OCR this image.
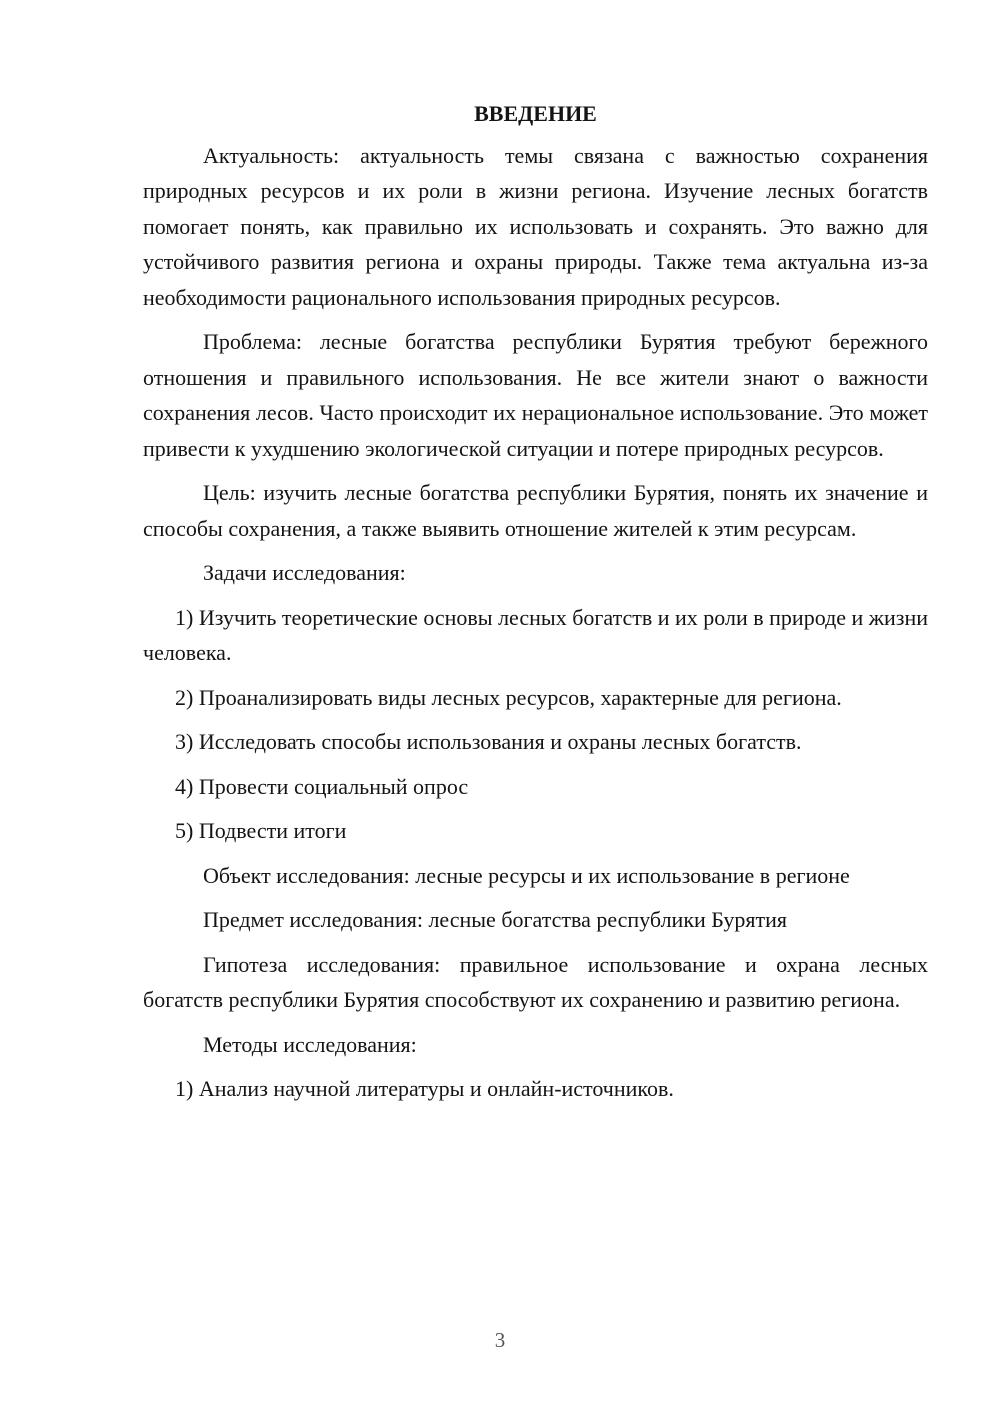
ВВЕДЕНИЕ

Актуальность: актуальность темы связана с важностью сохранения природных ресурсов и их роли в жизни региона. Изучение лесных богатств помогает понять, как правильно их использовать и сохранять. Это важно для устойчивого развития региона и охраны природы. Также тема актуальна из-за необходимости рационального использования природных ресурсов.

Проблема: лесные богатства республики Бурятия требуют бережного отношения и правильного использования. Не все жители знают о важности сохранения лесов. Часто происходит их нерациональное использование. Это может привести к ухудшению экологической ситуации и потере природных ресурсов.

Цель: изучить лесные богатства республики Бурятия, понять их значение и способы сохранения, а также выявить отношение жителей к этим ресурсам.

Задачи исследования:

1) Изучить теоретические основы лесных богатств и их роли в природе и жизни человека.

2) Проанализировать виды лесных ресурсов, характерные для региона.

3) Исследовать способы использования и охраны лесных богатств.

4) Провести социальный опрос

5) Подвести итоги

Объект исследования: лесные ресурсы и их использование в регионе

Предмет исследования: лесные богатства республики Бурятия

Гипотеза исследования: правильное использование и охрана лесных богатств республики Бурятия способствуют их сохранению и развитию региона.

Методы исследования:

1) Анализ научной литературы и онлайн-источников.

3
